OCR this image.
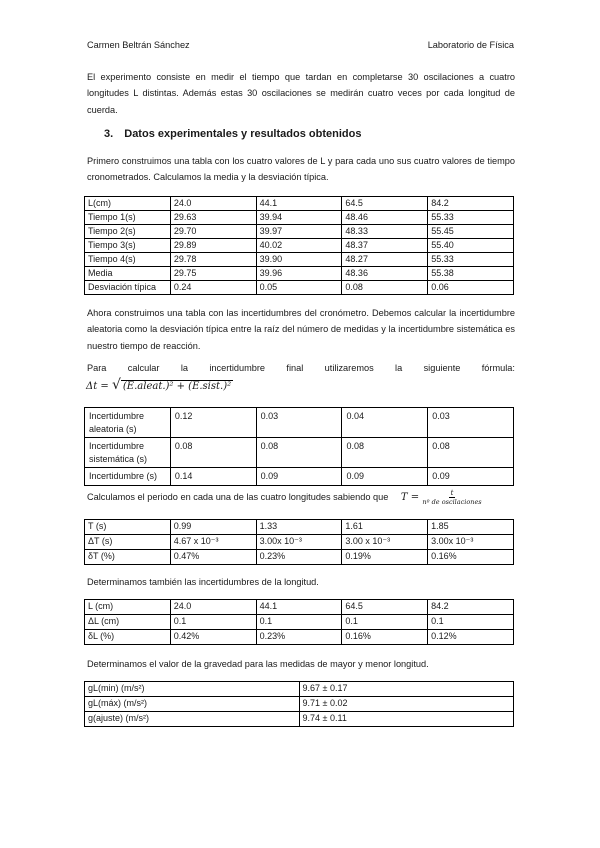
Carmen Beltrán Sánchez	Laboratorio de Física

El experimento consiste en medir el tiempo que tardan en completarse 30 oscilaciones a cuatro longitudes L distintas. Además estas 30 oscilaciones se medirán cuatro veces por cada longitud de cuerda.

3. Datos experimentales y resultados obtenidos

Primero construimos una tabla con los cuatro valores de L y para cada uno sus cuatro valores de tiempo cronometrados. Calculamos la media y la desviación típica.

L(cm)	24.0	44.1	64.5	84.2
Tiempo 1(s)	29.63	39.94	48.46	55.33
Tiempo 2(s)	29.70	39.97	48.33	55.45
Tiempo 3(s)	29.89	40.02	48.37	55.40
Tiempo 4(s)	29.78	39.90	48.27	55.33
Media	29.75	39.96	48.36	55.38
Desviación típica	0.24	0.05	0.08	0.06

Ahora construimos una tabla con las incertidumbres del cronómetro. Debemos calcular la incertidumbre aleatoria como la desviación típica entre la raíz del número de medidas y la incertidumbre sistemática es nuestro tiempo de reacción.

Para calcular la incertidumbre final utilizaremos la siguiente fórmula:
Δt = √ (E.aleat.)² + (E.sist.)²
Incertidumbre aleatoria (s)	0.12	0.03	0.04	0.03
Incertidumbre sistemática (s)	0.08	0.08	0.08	0.08
Incertidumbre (s)	0.14	0.09	0.09	0.09
Calculamos el periodo en cada una de las cuatro longitudes sabiendo que $T = \frac{t}{\text{nº de oscilaciones}}$
T (s)	0.99	1.33	1.61	1.85
ΔT (s)	4.67 x 10⁻³	3.00x 10⁻³	3.00 x 10⁻³	3.00x 10⁻³
δT (%)	0.47%	0.23%	0.19%	0.16%

Determinamos también las incertidumbres de la longitud.

L (cm)	24.0	44.1	64.5	84.2
ΔL (cm)	0.1	0.1	0.1	0.1
δL (%)	0.42%	0.23%	0.16%	0.12%

Determinamos el valor de la gravedad para las medidas de mayor y menor longitud.

gL(min) (m/s²)	9.67 ± 0.17
gL(máx) (m/s²)	9.71 ± 0.02
g(ajuste) (m/s²)	9.74 ± 0.11
